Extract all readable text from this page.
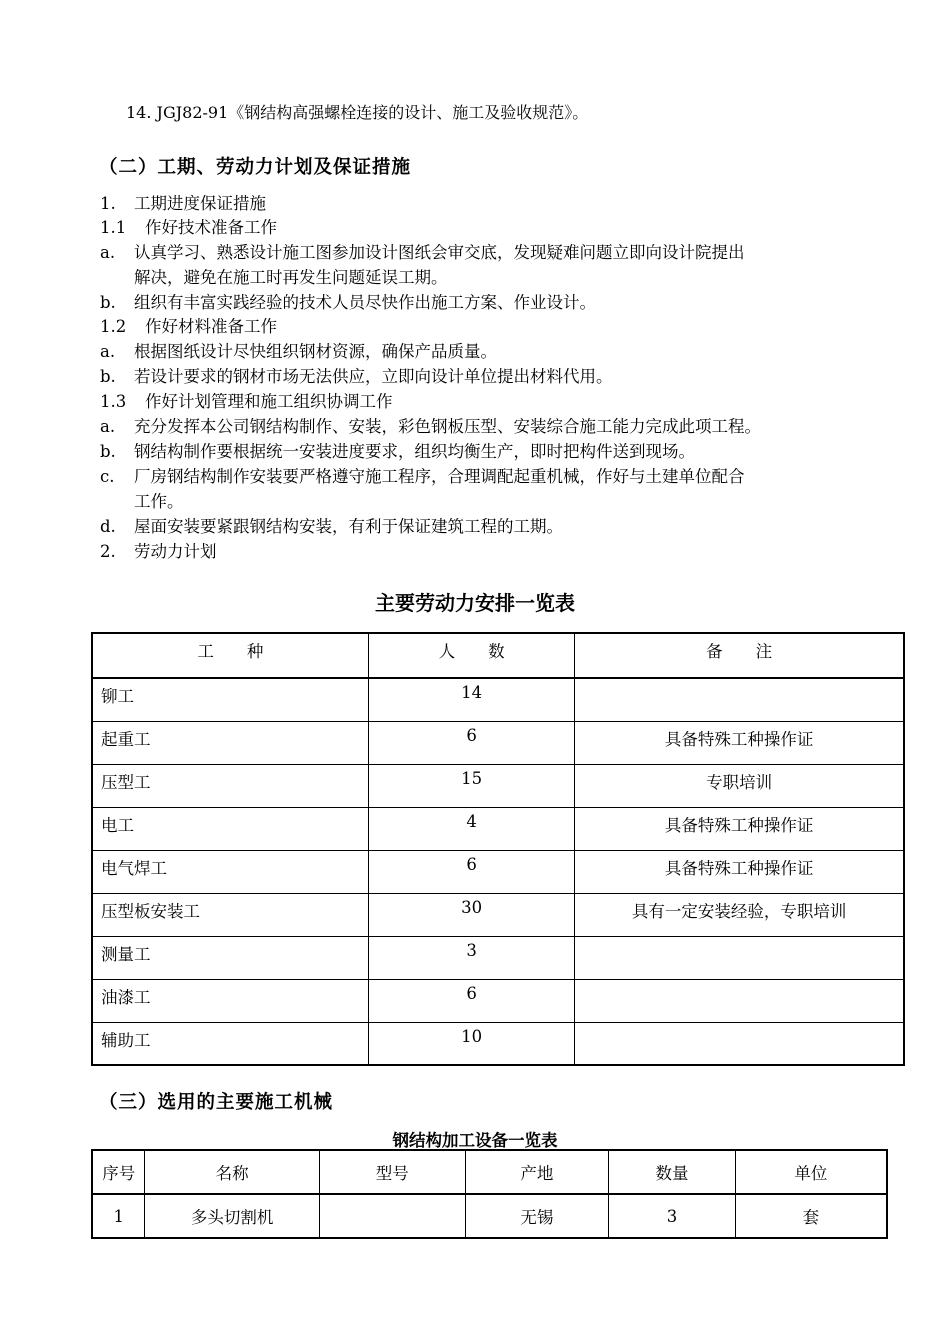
14. JGJ82-91《钢结构高强螺栓连接的设计、施工及验收规范》。
（二）工期、劳动力计划及保证措施
1. 工期进度保证措施
1.1 作好技术准备工作
a. 认真学习、熟悉设计施工图参加设计图纸会审交底，发现疑难问题立即向设计院提出
解决，避免在施工时再发生问题延误工期。
b. 组织有丰富实践经验的技术人员尽快作出施工方案、作业设计。
1.2 作好材料准备工作
a. 根据图纸设计尽快组织钢材资源，确保产品质量。
b. 若设计要求的钢材市场无法供应，立即向设计单位提出材料代用。
1.3 作好计划管理和施工组织协调工作
a. 充分发挥本公司钢结构制作、安装，彩色钢板压型、安装综合施工能力完成此项工程。
b. 钢结构制作要根据统一安装进度要求，组织均衡生产，即时把构件送到现场。
c. 厂房钢结构制作安装要严格遵守施工程序，合理调配起重机械，作好与土建单位配合
工作。
d. 屋面安装要紧跟钢结构安装，有利于保证建筑工程的工期。
2. 劳动力计划
主要劳动力安排一览表
工　　种	人　　数	备　　注
铆工	14	
起重工	6	具备特殊工种操作证
压型工	15	专职培训
电工	4	具备特殊工种操作证
电气焊工	6	具备特殊工种操作证
压型板安装工	30	具有一定安装经验，专职培训
测量工	3	
油漆工	6	
辅助工	10	
（三）选用的主要施工机械
钢结构加工设备一览表
序号	名称	型号	产地	数量	单位
1	多头切割机		无锡	3	套
